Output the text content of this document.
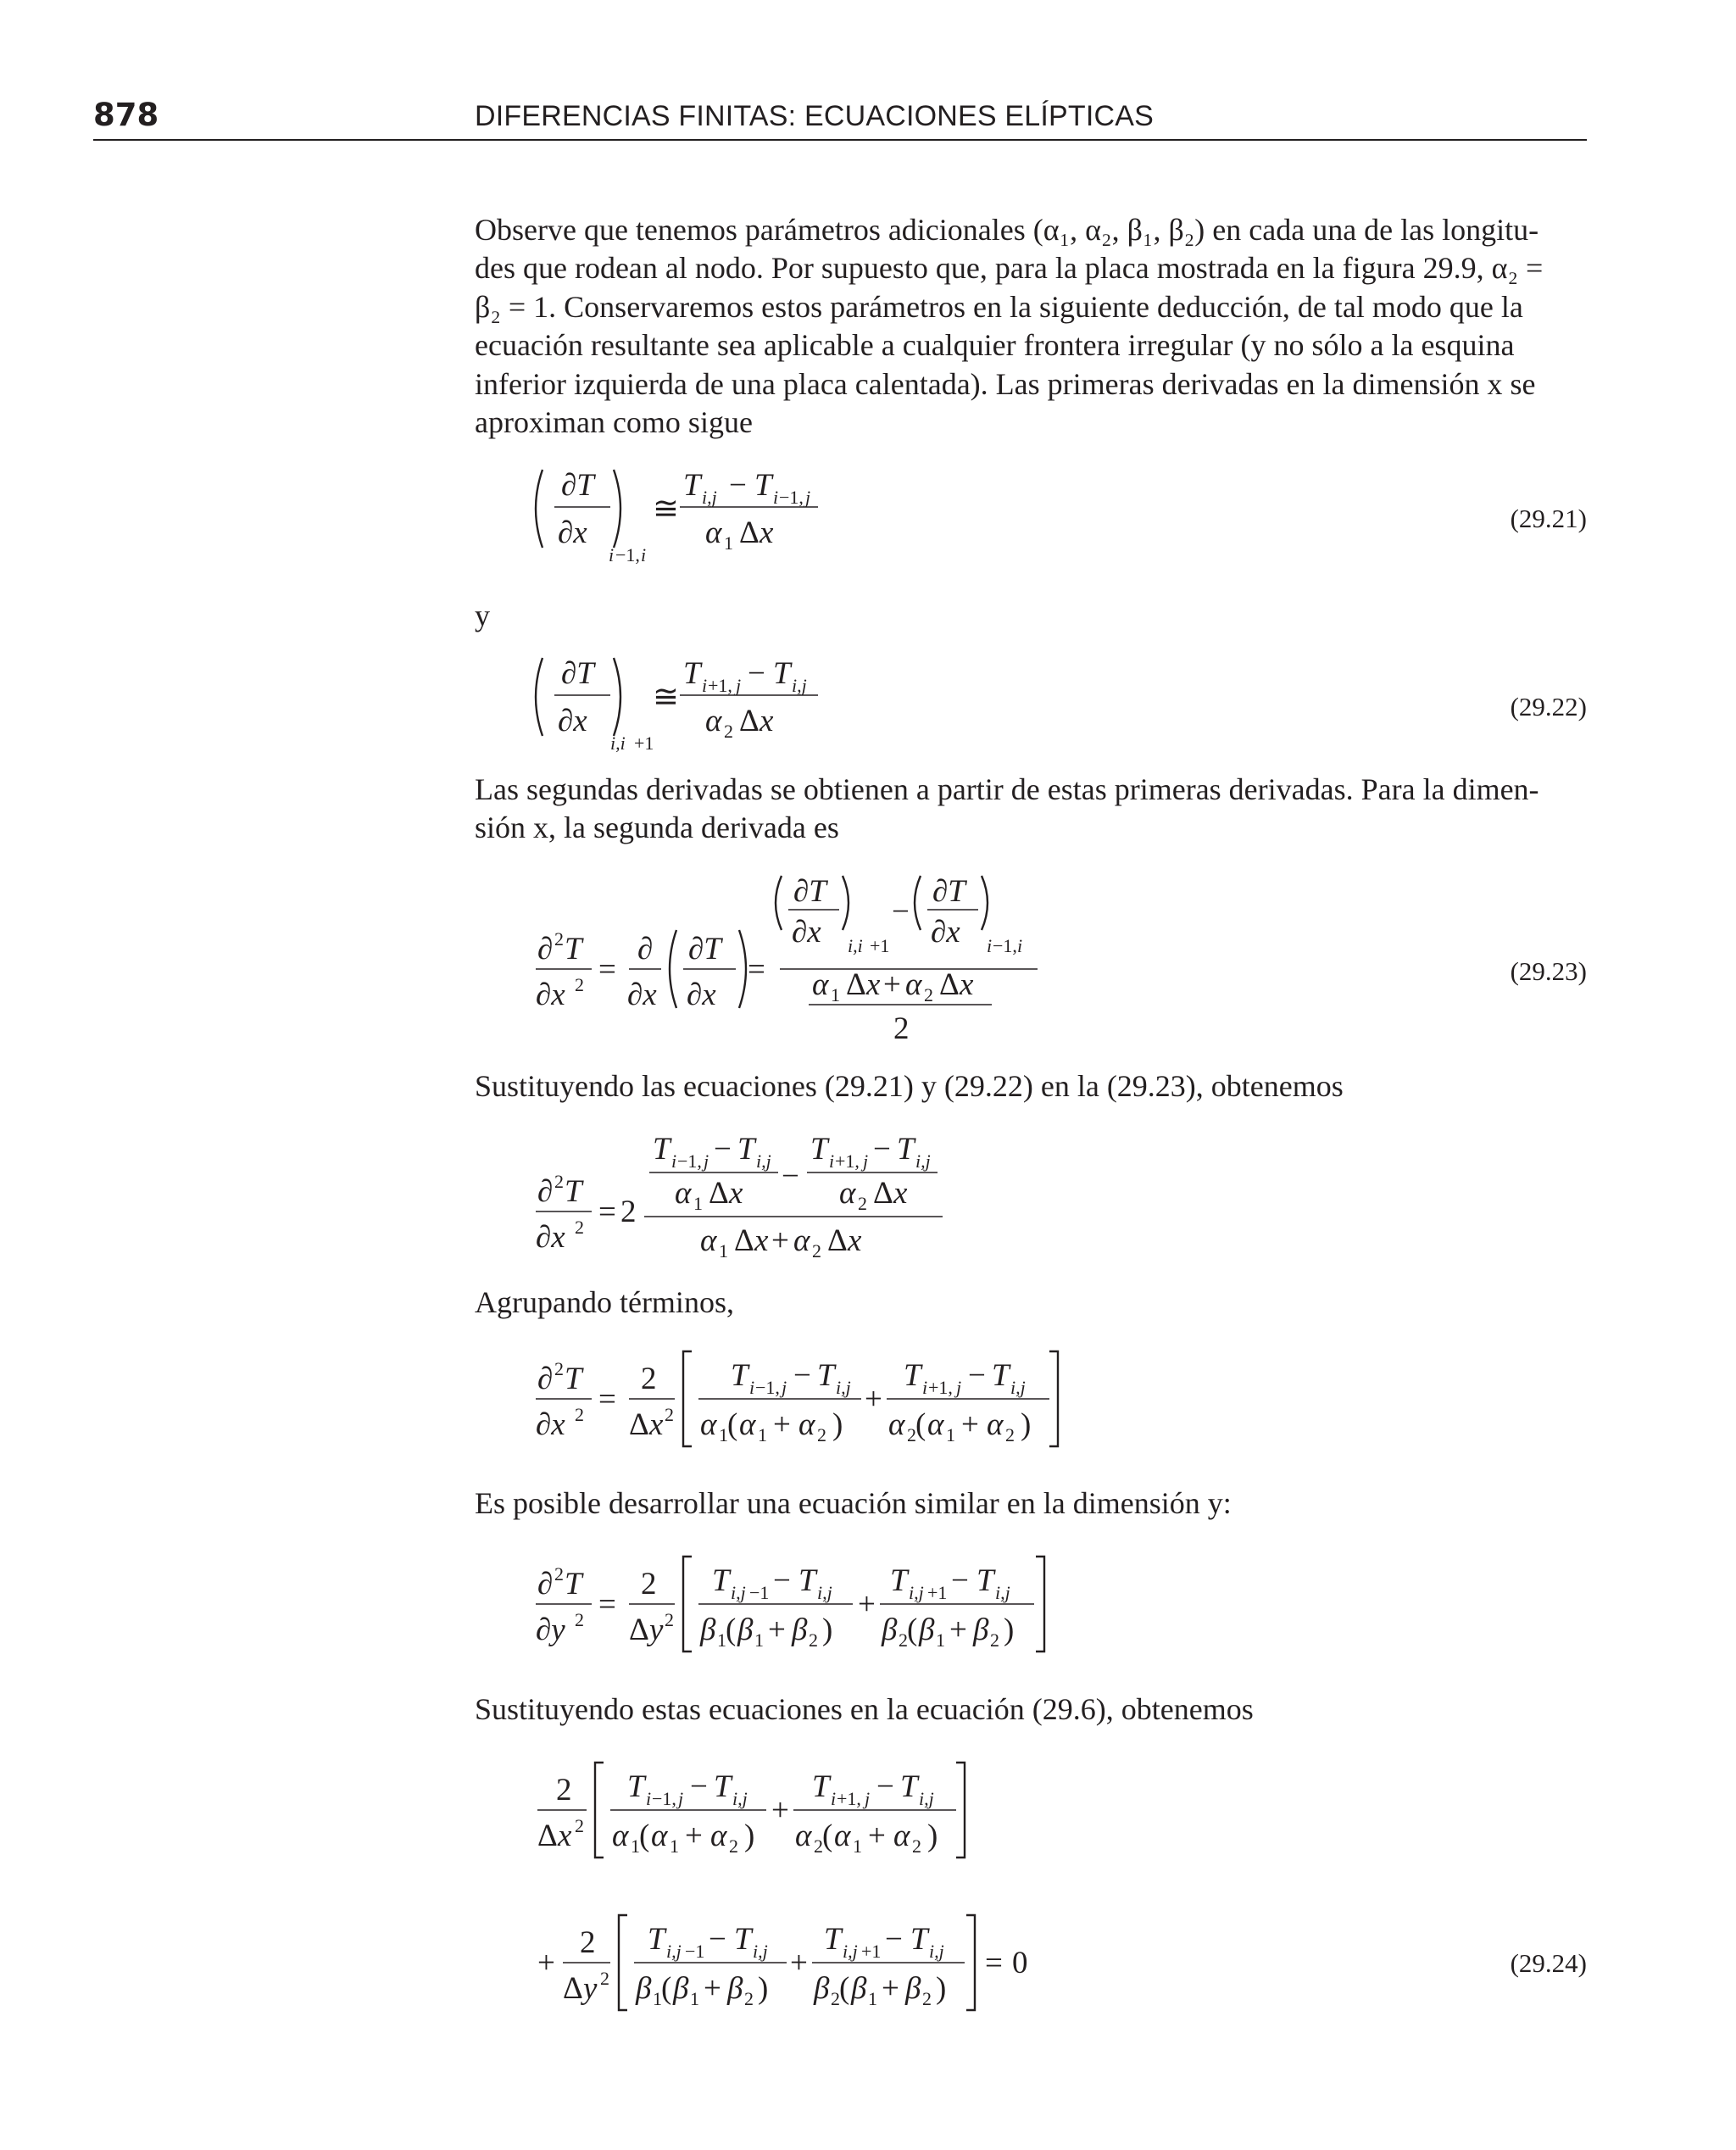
878	DIFERENCIAS FINITAS: ECUACIONES ELÍPTICAS
Observe que tenemos parámetros adicionales (α₁, α₂, β₁, β₂) en cada una de las longitu-
des que rodean al nodo. Por supuesto que, para la placa mostrada en la figura 29.9, α₂ =
β₂ = 1. Conservaremos estos parámetros en la siguiente deducción, de tal modo que la
ecuación resultante sea aplicable a cualquier frontera irregular (y no sólo a la esquina
inferior izquierda de una placa calentada). Las primeras derivadas en la dimensión x se
aproximan como sigue
∂T
∂x
i −1, i
≅
T i,j − T i −1, j
α 1 Δ x	(29.21)
y
∂T
∂x
i,i +1
≅
T i +1, j − T i,j
α 2 Δ x	(29.22)
Las segundas derivadas se obtienen a partir de estas primeras derivadas. Para la dimen-
sión x, la segunda derivada es
∂ 2 T
∂x 2 =
∂
∂x
∂T
∂x
=
∂T
∂x i,i +1
−
∂T
∂x i −1, i
α 1 Δ x + α 2 Δ x
2
(29.23)
Sustituyendo las ecuaciones (29.21) y (29.22) en la (29.23), obtenemos
∂ 2 T
∂x 2 = 2
T i −1, j − T i,j
α 1 Δ x −
T i +1, j − T i,j
α 2 Δ x
α 1 Δ x + α 2 Δ x
Agrupando términos,
∂ 2 T
∂x 2 =
2
Δ x 2
T i −1, j − T i,j
α 1 ( α 1 + α 2 )
+
T i +1, j − T i,j
α 2 ( α 1 + α 2 )
Es posible desarrollar una ecuación similar en la dimensión y:
∂ 2 T
∂y 2 =
2
Δ y 2
T i,j −1 − T i,j
β 1 ( β 1 + β 2 )
+
T i,j +1 − T i,j
β 2 ( β 1 + β 2 )
Sustituyendo estas ecuaciones en la ecuación (29.6), obtenemos
2
Δ x 2
T i −1, j − T i,j
α 1 ( α 1 + α 2 )
+
T i +1, j − T i,j
α 2 ( α 1 + α 2 )
+
2
Δ y 2
T i,j −1 − T i,j
β 1 ( β 1 + β 2 )
+
T i,j +1 − T i,j
β 2 ( β 1 + β 2 )
= 0	(29.24)
